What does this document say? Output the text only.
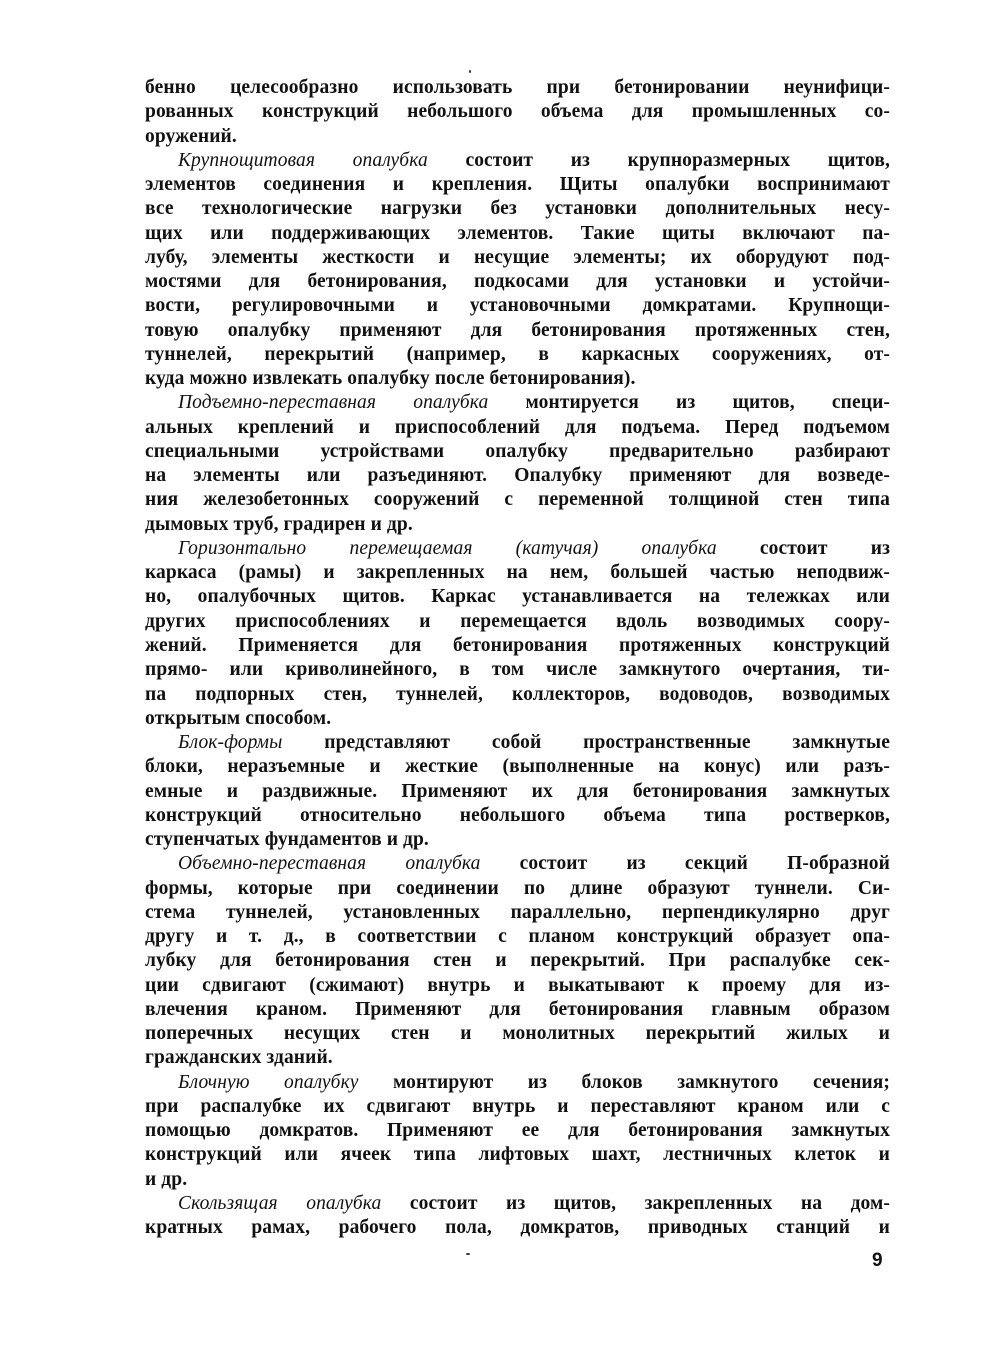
бенно целесообразно использовать при бетонировании неунифици-
рованных конструкций небольшого объема для промышленных со-
оружений.
Крупнощитовая опалубка состоит из крупноразмерных щитов,
элементов соединения и крепления. Щиты опалубки воспринимают
все технологические нагрузки без установки дополнительных несу-
щих или поддерживающих элементов. Такие щиты включают па-
лубу, элементы жесткости и несущие элементы; их оборудуют под-
мостями для бетонирования, подкосами для установки и устойчи-
вости, регулировочными и установочными домкратами. Крупнощи-
товую опалубку применяют для бетонирования протяженных стен,
туннелей, перекрытий (например, в каркасных сооружениях, от-
куда можно извлекать опалубку после бетонирования).
Подъемно-переставная опалубка монтируется из щитов, специ-
альных креплений и приспособлений для подъема. Перед подъемом
специальными устройствами опалубку предварительно разбирают
на элементы или разъединяют. Опалубку применяют для возведе-
ния железобетонных сооружений с переменной толщиной стен типа
дымовых труб, градирен и др.
Горизонтально перемещаемая (катучая) опалубка состоит из
каркаса (рамы) и закрепленных на нем, большей частью неподвиж-
но, опалубочных щитов. Каркас устанавливается на тележках или
других приспособлениях и перемещается вдоль возводимых соору-
жений. Применяется для бетонирования протяженных конструкций
прямо- или криволинейного, в том числе замкнутого очертания, ти-
па подпорных стен, туннелей, коллекторов, водоводов, возводимых
открытым способом.
Блок-формы представляют собой пространственные замкнутые
блоки, неразъемные и жесткие (выполненные на конус) или разъ-
емные и раздвижные. Применяют их для бетонирования замкнутых
конструкций относительно небольшого объема типа ростверков,
ступенчатых фундаментов и др.
Объемно-переставная опалубка состоит из секций П-образной
формы, которые при соединении по длине образуют туннели. Си-
стема туннелей, установленных параллельно, перпендикулярно друг
другу и т. д., в соответствии с планом конструкций образует опа-
лубку для бетонирования стен и перекрытий. При распалубке сек-
ции сдвигают (сжимают) внутрь и выкатывают к проему для из-
влечения краном. Применяют для бетонирования главным образом
поперечных несущих стен и монолитных перекрытий жилых и
гражданских зданий.
Блочную опалубку монтируют из блоков замкнутого сечения;
при распалубке их сдвигают внутрь и переставляют краном или с
помощью домкратов. Применяют ее для бетонирования замкнутых
конструкций или ячеек типа лифтовых шахт, лестничных клеток и
и др.
Скользящая опалубка состоит из щитов, закрепленных на дом-
кратных рамах, рабочего пола, домкратов, приводных станций и
9
